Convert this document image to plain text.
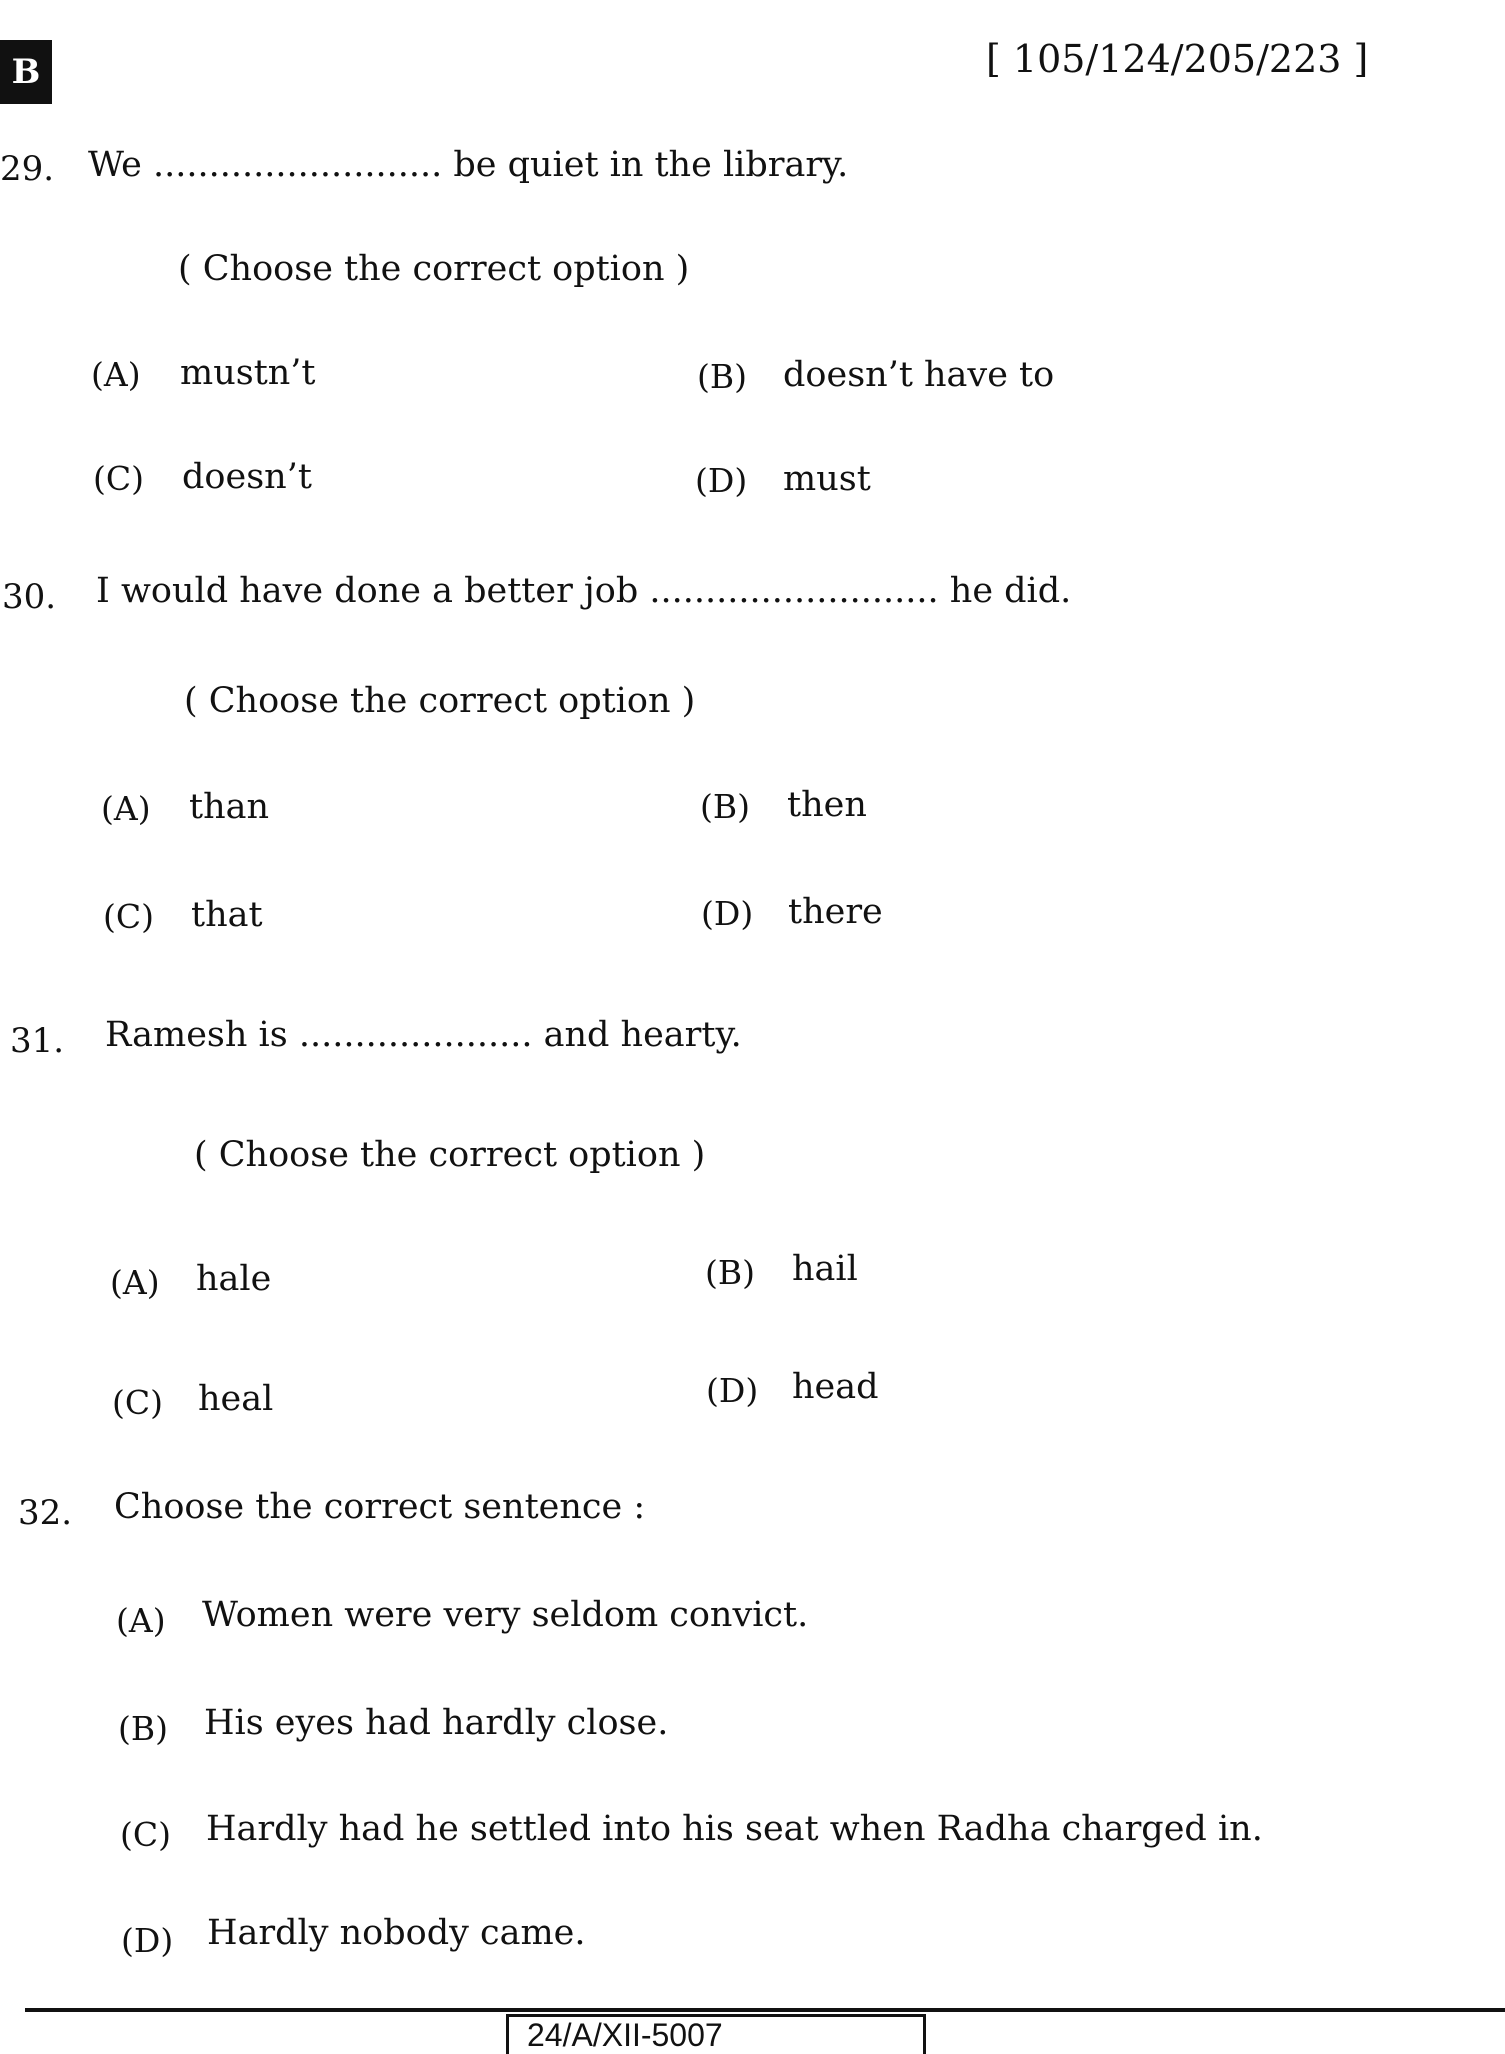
B	[ 105/124/205/223 ]
29. We .......................... be quiet in the library.
( Choose the correct option )
(A) mustn’t	(B) doesn’t have to
(C) doesn’t	(D) must
30. I would have done a better job .......................... he did.
( Choose the correct option )
(A) than	(B) then
(C) that	(D) there
31. Ramesh is ..................... and hearty.
( Choose the correct option )
(A) hale	(B) hail
(C) heal	(D) head
32. Choose the correct sentence :
(A) Women were very seldom convict.
(B) His eyes had hardly close.
(C) Hardly had he settled into his seat when Radha charged in.
(D) Hardly nobody came.
24/A/XII-5007
